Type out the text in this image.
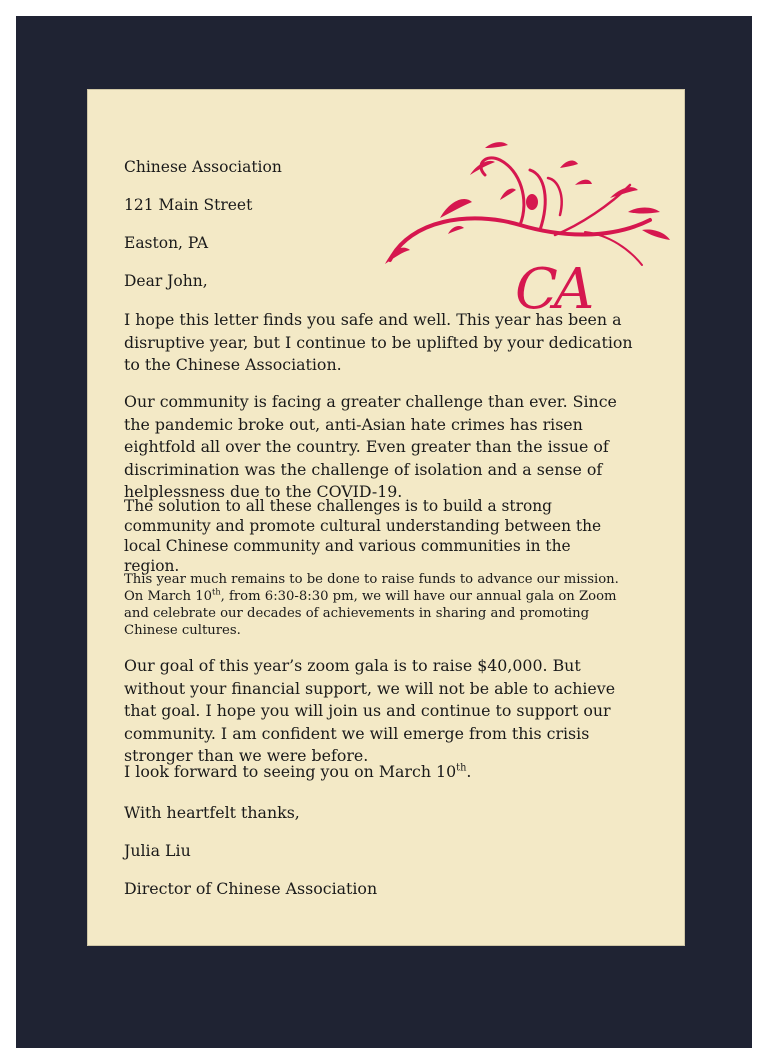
CA

Chinese Association

121 Main Street

Easton, PA

Dear John,

I hope this letter finds you safe and well. This year has been a disruptive year, but I continue to be uplifted by your dedication to the Chinese Association.

Our community is facing a greater challenge than ever. Since the pandemic broke out, anti-Asian hate crimes has risen eightfold all over the country. Even greater than the issue of discrimination was the challenge of isolation and a sense of helplessness due to the COVID-19.

The solution to all these challenges is to build a strong community and promote cultural understanding between the local Chinese community and various communities in the region.

This year much remains to be done to raise funds to advance our mission. On March 10th, from 6:30-8:30 pm, we will have our annual gala on Zoom and celebrate our decades of achievements in sharing and promoting Chinese cultures.

Our goal of this year’s zoom gala is to raise $40,000. But without your financial support, we will not be able to achieve that goal. I hope you will join us and continue to support our community. I am confident we will emerge from this crisis stronger than we were before.

I look forward to seeing you on March 10th.

With heartfelt thanks,

Julia Liu

Director of Chinese Association
